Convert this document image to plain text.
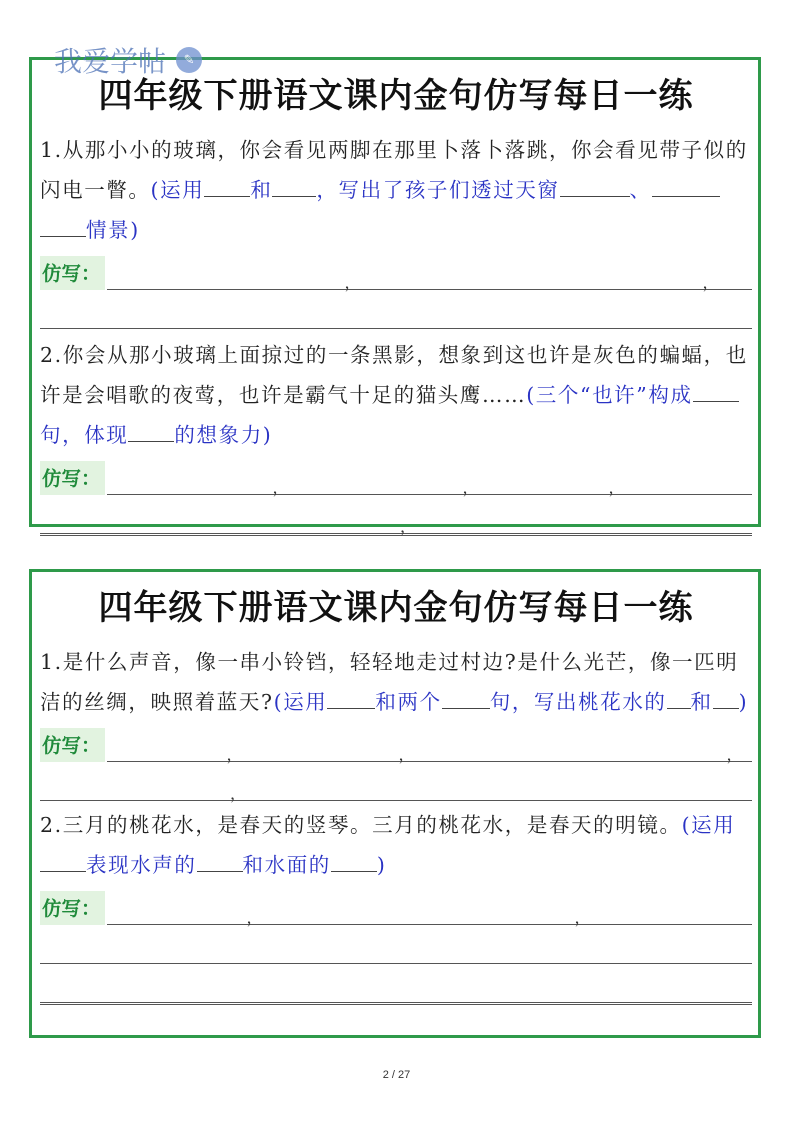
我爱学帖	✎
四年级下册语文课内金句仿写每日一练
1.从那小小的玻璃，你会看见两脚在那里卜落卜落跳，你会看见带子似的闪电一瞥。(运用 和 ，写出了孩子们透过天窗	、情景)
仿写：	，	，
2.你会从那小玻璃上面掠过的一条黑影，想象到这也许是灰色的蝙蝠，也许是会唱歌的夜莺，也许是霸气十足的猫头鹰……(三个“也许”构成句，体现 的想象力)
仿写：	，	，	，
，
四年级下册语文课内金句仿写每日一练
1.是什么声音，像一串小铃铛，轻轻地走过村边?是什么光芒，像一匹明洁的丝绸，映照着蓝天?(运用 和两个 句，写出桃花水的 和 )
仿写：	，	，	，
，
2.三月的桃花水，是春天的竖琴。三月的桃花水，是春天的明镜。(运用表现水声的 和水面的 )
仿写：	，	，
2 / 27
